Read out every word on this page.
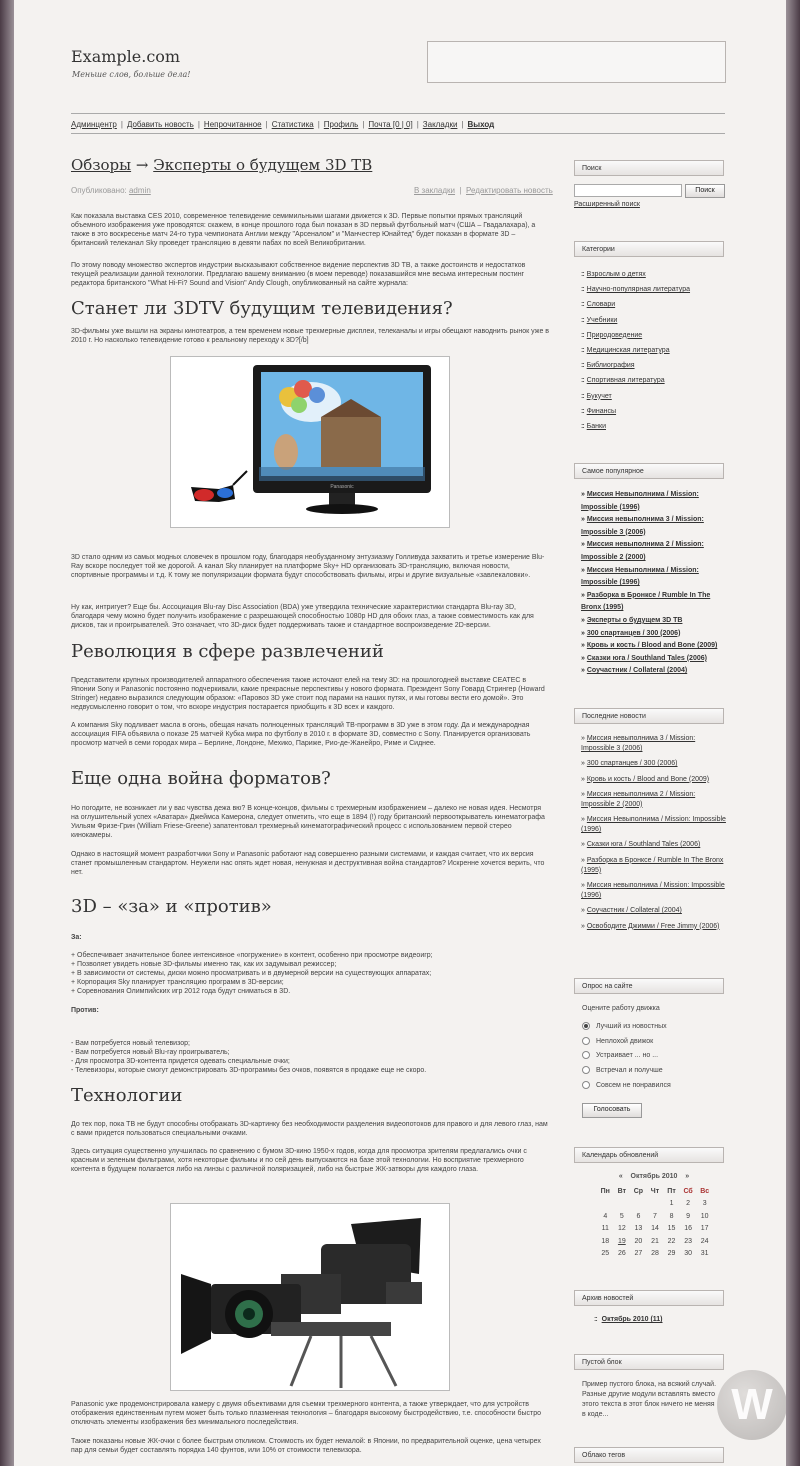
Example.com
Меньше слов, больше дела!
Админцентр | Добавить новость | Непрочитанное | Статистика | Профиль | Почта [0 | 0] | Закладки | Выход
Обзоры → Эксперты о будущем 3D ТВ
Опубликовано: admin	В закладки  |  Редактировать новость
Как показала выставка CES 2010, современное телевидение семимильными шагами движется к 3D. Первые попытки прямых трансляций объемного изображения уже проводятся: скажем, в конце прошлого года был показан в 3D первый футбольный матч (США – Гвадалахара), а также в это воскресенье матч 24-го тура чемпионата Англии между "Арсеналом" и "Манчестер Юнайтед" будет показан в формате 3D – британский телеканал Sky проведет трансляцию в девяти пабах по всей Великобритании.
По этому поводу множество экспертов индустрии высказывают собственное видение перспектив 3D ТВ, а также достоинств и недостатков текущей реализации данной технологии. Предлагаю вашему вниманию (в моем переводе) показавшийся мне весьма интересным постинг редактора британского "What Hi-Fi? Sound and Vision" Andy Clough, опубликованный на сайте журнала:
Станет ли 3DTV будущим телевидения?
3D-фильмы уже вышли на экраны кинотеатров, а тем временем новые трехмерные дисплеи, телеканалы и игры обещают наводнить рынок уже в 2010 г. Но насколько телевидение готово к реальному переходу к 3D?[/b]
Panasonic
3D стало одним из самых модных словечек в прошлом году, благодаря необузданному энтузиазму Голливуда захватить и третье измерение Blu-Ray вскоре последует той же дорогой. А канал Sky планирует на платформе Sky+ HD организовать 3D-трансляцию, включая новости, спортивные программы и т.д. К тому же популяризации формата будут способствовать фильмы, игры и другие визуальные «завлекаловки».
Ну как, интригует? Еще бы. Ассоциация Blu-ray Disc Association (BDA) уже утвердила технические характеристики стандарта Blu-ray 3D, благодаря чему можно будет получить изображение с разрешающей способностью 1080p HD для обоих глаз, а также совместимость как для дисков, так и проигрывателей. Это означает, что 3D-диск будет поддерживать также и стандартное воспроизведение 2D-версии.
Революция в сфере развлечений
Представители крупных производителей аппаратного обеспечения также источают елей на тему 3D: на прошлогодней выставке CEATEC в Японии Sony и Panasonic постоянно подчеркивали, какие прекрасные перспективы у нового формата. Президент Sony Говард Стрингер (Howard Stringer) недавно выразился следующим образом: «Паровоз 3D уже стоит под парами на наших путях, и мы готовы вести его домой». Это недвусмысленно говорит о том, что вскоре индустрия постарается приобщить к 3D всех и каждого.
А компания Sky подливает масла в огонь, обещая начать полноценных трансляций ТВ-программ в 3D уже в этом году. Да и международная ассоциация FIFA объявила о показе 25 матчей Кубка мира по футболу в 2010 г. в формате 3D, совместно с Sony. Планируется организовать просмотр матчей в семи городах мира – Берлине, Лондоне, Мехико, Париже, Рио-де-Жанейро, Риме и Сиднее.
Еще одна война форматов?
Но погодите, не возникает ли у вас чувства дежа вю? В конце-концов, фильмы с трехмерным изображением – далеко не новая идея. Несмотря на оглушительный успех «Аватара» Джеймса Камерона, следует отметить, что еще в 1894 (!) году британский первооткрыватель кинематографа Уильям Фризе-Грин (William Friese-Greene) запатентовал трехмерный кинематографический процесс с использованием первой стерео кинокамеры.
Однако в настоящий момент разработчики Sony и Panasonic работают над совершенно разными системами, и каждая считает, что их версия станет промышленным стандартом. Неужели нас опять ждет новая, ненужная и деструктивная война стандартов? Искренне хочется верить, что нет.
3D – «за» и «против»
За:
+ Обеспечивает значительное более интенсивное «погружение» в контент, особенно при просмотре видеоигр;
+ Позволяет увидеть новые 3D-фильмы именно так, как их задумывал режиссер;
+ В зависимости от системы, диски можно просматривать и в двумерной версии на существующих аппаратах;
+ Корпорация Sky планирует трансляцию программ в 3D-версии;
+ Соревнования Олимпийских игр 2012 года будут сниматься в 3D.
Против:
- Вам потребуется новый телевизор;
- Вам потребуется новый Blu-ray проигрыватель;
- Для просмотра 3D-контента придется одевать специальные очки;
- Телевизоры, которые смогут демонстрировать 3D-программы без очков, появятся в продаже еще не скоро.
Технологии
До тех пор, пока ТВ не будут способны отображать 3D-картинку без необходимости разделения видеопотоков для правого и для левого глаз, нам с вами придется пользоваться специальными очками.
Здесь ситуация существенно улучшилась по сравнению с бумом 3D-кино 1950-х годов, когда для просмотра зрителям предлагались очки с красным и зеленым фильтрами, хотя некоторые фильмы и по сей день выпускаются на базе этой технологии. Но восприятие трехмерного контента в будущем полагается либо на линзы с различной поляризацией, либо на быстрые ЖК-затворы для каждого глаза.
Panasonic уже продемонстрировала камеру с двумя объективами для съемки трехмерного контента, а также утверждает, что для устройств отображения единственным путем может быть только плазменная технология – благодаря высокому быстродействию, т.е. способности быстро отключать элементы изображения без минимального последействия.
Также показаны новые ЖК-очки с более быстрым откликом. Стоимость их будет немалой: в Японии, по предварительной оценке, цена четырех пар для семьи будет составлять порядка 140 фунтов, или 10% от стоимости телевизора.
Поиск
Поиск
Расширенный поиск
Категории
:: Взрослым о детях
:: Научно-популярная литература
:: Словари
:: Учебники
:: Природоведение
:: Медицинская литература
:: Библиография
:: Спортивная литература
:: Букучет
:: Финансы
:: Банки
Самое популярное
» Миссия Невыполнима / Mission: Impossible (1996)
» Миссия невыполнима 3 / Mission: Impossible 3 (2006)
» Миссия невыполнима 2 / Mission: Impossible 2 (2000)
» Миссия Невыполнима / Mission: Impossible (1996)
» Разборка в Бронксе / Rumble In The Bronx (1995)
» Эксперты о будущем 3D ТВ
» 300 спартанцев / 300 (2006)
» Кровь и кость / Blood and Bone (2009)
» Сказки юга / Southland Tales (2006)
» Соучастник / Collateral (2004)
Последние новости
» Миссия невыполнима 3 / Mission: Impossible 3 (2006)
» 300 спартанцев / 300 (2006)
» Кровь и кость / Blood and Bone (2009)
» Миссия невыполнима 2 / Mission: Impossible 2 (2000)
» Миссия Невыполнима / Mission: Impossible (1996)
» Сказки юга / Southland Tales (2006)
» Разборка в Бронксе / Rumble In The Bronx (1995)
» Миссия невыполнима / Mission: Impossible (1996)
» Соучастник / Collateral (2004)
» Освободите Джимми / Free Jimmy (2006)
Опрос на сайте
Оцените работу движка
Лучший из новостных
Неплохой движок
Устраивает ... но ...
Встречал и получше
Совсем не понравился
Голосовать
Календарь обновлений
«    Октябрь 2010    »
Пн	Вт	Ср	Чт	Пт	Сб	Вс
				1	2	3
4	5	6	7	8	9	10
11	12	13	14	15	16	17
18	19	20	21	22	23	24
25	26	27	28	29	30	31
Архив новостей
:: Октябрь 2010 (11)
Пустой блок
Пример пустого блока, на всякий случай. Разные другие модули вставлять вместо этого текста в этот блок ничего не меняя в коде...
Облако тегов
W
